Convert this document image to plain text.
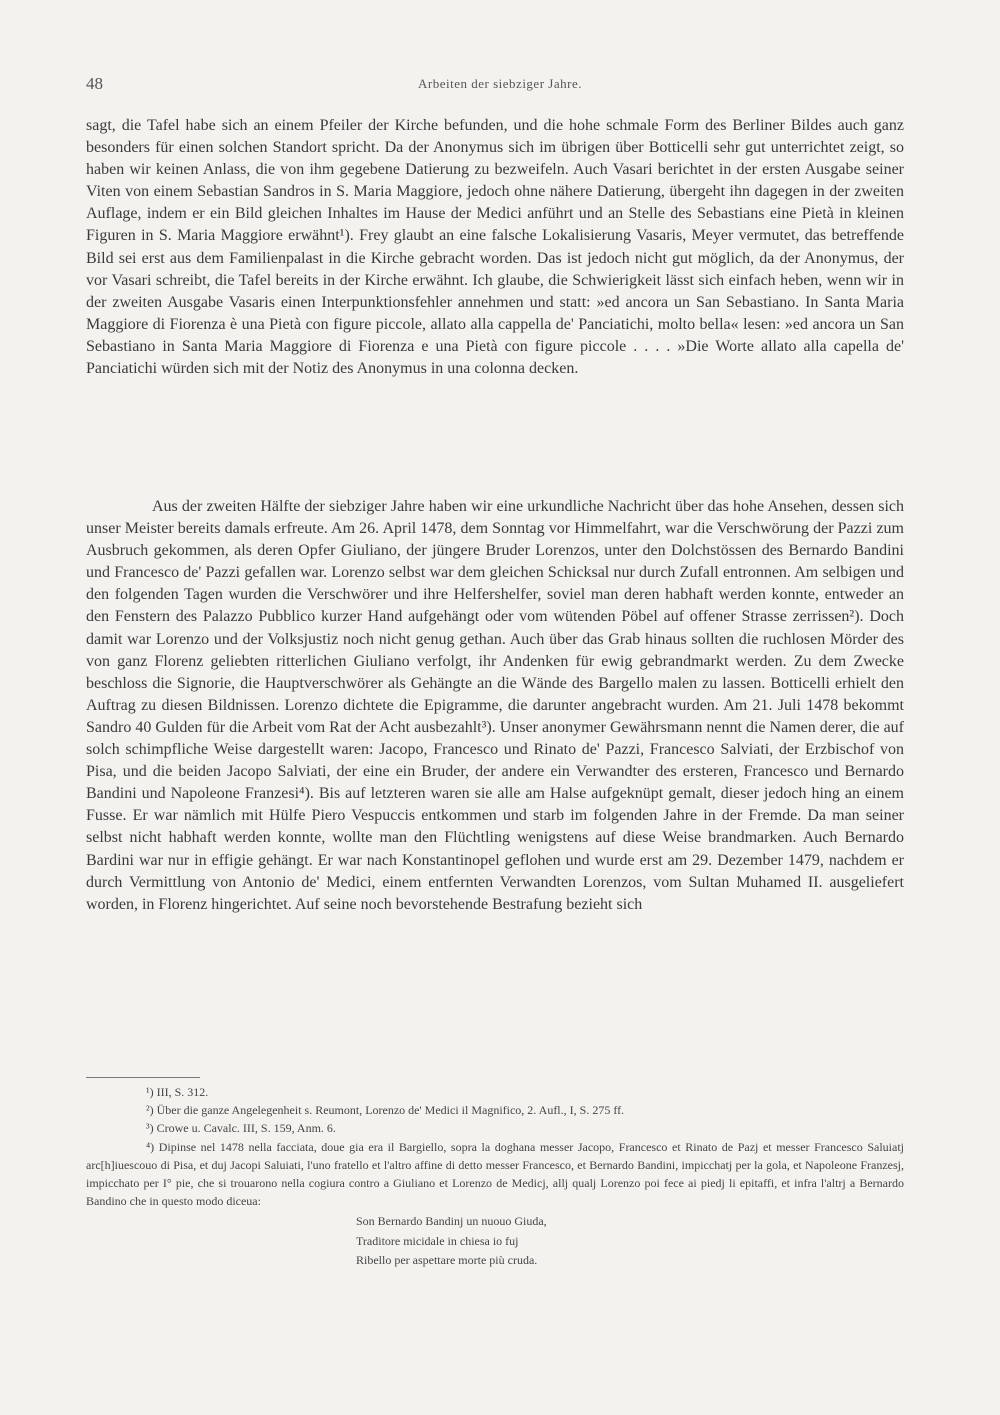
48	Arbeiten der siebziger Jahre.

sagt, die Tafel habe sich an einem Pfeiler der Kirche befunden, und die hohe schmale Form des Berliner Bildes auch ganz besonders für einen solchen Standort spricht. Da der Anonymus sich im übrigen über Botticelli sehr gut unterrichtet zeigt, so haben wir keinen Anlass, die von ihm gegebene Datierung zu bezweifeln. Auch Vasari berichtet in der ersten Ausgabe seiner Viten von einem Sebastian Sandros in S. Maria Maggiore, jedoch ohne nähere Datierung, übergeht ihn dagegen in der zweiten Auflage, indem er ein Bild gleichen Inhaltes im Hause der Medici anführt und an Stelle des Sebastians eine Pietà in kleinen Figuren in S. Maria Maggiore erwähnt¹). Frey glaubt an eine falsche Lokalisierung Vasaris, Meyer vermutet, das betreffende Bild sei erst aus dem Familienpalast in die Kirche gebracht worden. Das ist jedoch nicht gut möglich, da der Anonymus, der vor Vasari schreibt, die Tafel bereits in der Kirche erwähnt. Ich glaube, die Schwierigkeit lässt sich einfach heben, wenn wir in der zweiten Ausgabe Vasaris einen Interpunktionsfehler annehmen und statt: »ed ancora un San Sebastiano. In Santa Maria Maggiore di Fiorenza è una Pietà con figure piccole, allato alla cappella de' Panciatichi, molto bella« lesen: »ed ancora un San Sebastiano in Santa Maria Maggiore di Fiorenza e una Pietà con figure piccole . . . . »Die Worte allato alla capella de' Panciatichi würden sich mit der Notiz des Anonymus in una colonna decken.

Aus der zweiten Hälfte der siebziger Jahre haben wir eine urkundliche Nachricht über das hohe Ansehen, dessen sich unser Meister bereits damals erfreute. Am 26. April 1478, dem Sonntag vor Himmelfahrt, war die Verschwörung der Pazzi zum Ausbruch gekommen, als deren Opfer Giuliano, der jüngere Bruder Lorenzos, unter den Dolchstössen des Bernardo Bandini und Francesco de' Pazzi gefallen war. Lorenzo selbst war dem gleichen Schicksal nur durch Zufall entronnen. Am selbigen und den folgenden Tagen wurden die Verschwörer und ihre Helfershelfer, soviel man deren habhaft werden konnte, entweder an den Fenstern des Palazzo Pubblico kurzer Hand aufgehängt oder vom wütenden Pöbel auf offener Strasse zerrissen²). Doch damit war Lorenzo und der Volksjustiz noch nicht genug gethan. Auch über das Grab hinaus sollten die ruchlosen Mörder des von ganz Florenz geliebten ritterlichen Giuliano verfolgt, ihr Andenken für ewig gebrandmarkt werden. Zu dem Zwecke beschloss die Signorie, die Hauptverschwörer als Gehängte an die Wände des Bargello malen zu lassen. Botticelli erhielt den Auftrag zu diesen Bildnissen. Lorenzo dichtete die Epigramme, die darunter angebracht wurden. Am 21. Juli 1478 bekommt Sandro 40 Gulden für die Arbeit vom Rat der Acht ausbezahlt³). Unser anonymer Gewährsmann nennt die Namen derer, die auf solch schimpfliche Weise dargestellt waren: Jacopo, Francesco und Rinato de' Pazzi, Francesco Salviati, der Erzbischof von Pisa, und die beiden Jacopo Salviati, der eine ein Bruder, der andere ein Verwandter des ersteren, Francesco und Bernardo Bandini und Napoleone Franzesi⁴). Bis auf letzteren waren sie alle am Halse aufgeknüpt gemalt, dieser jedoch hing an einem Fusse. Er war nämlich mit Hülfe Piero Vespuccis entkommen und starb im folgenden Jahre in der Fremde. Da man seiner selbst nicht habhaft werden konnte, wollte man den Flüchtling wenigstens auf diese Weise brandmarken. Auch Bernardo Bardini war nur in effigie gehängt. Er war nach Konstantinopel geflohen und wurde erst am 29. Dezember 1479, nachdem er durch Vermittlung von Antonio de' Medici, einem entfernten Verwandten Lorenzos, vom Sultan Muhamed II. ausgeliefert worden, in Florenz hingerichtet. Auf seine noch bevorstehende Bestrafung bezieht sich

¹) III, S. 312.

²) Über die ganze Angelegenheit s. Reumont, Lorenzo de' Medici il Magnifico, 2. Aufl., I, S. 275 ff.

³) Crowe u. Cavalc. III, S. 159, Anm. 6.

⁴) Dipinse nel 1478 nella facciata, doue gia era il Bargiello, sopra la doghana messer Jacopo, Francesco et Rinato de Pazj et messer Francesco Saluiatj arc[h]iuescouo di Pisa, et duj Jacopi Saluiati, l'uno fratello et l'altro affine di detto messer Francesco, et Bernardo Bandini, impicchatj per la gola, et Napoleone Franzesj, impicchato per I° pie, che si trouarono nella cogiura contro a Giuliano et Lorenzo de Medicj, allj qualj Lorenzo poi fece ai piedj li epitaffi, et infra l'altrj a Bernardo Bandino che in questo modo diceua:

Son Bernardo Bandinj un nuouo Giuda,
Traditore micidale in chiesa io fuj
Ribello per aspettare morte più cruda.
